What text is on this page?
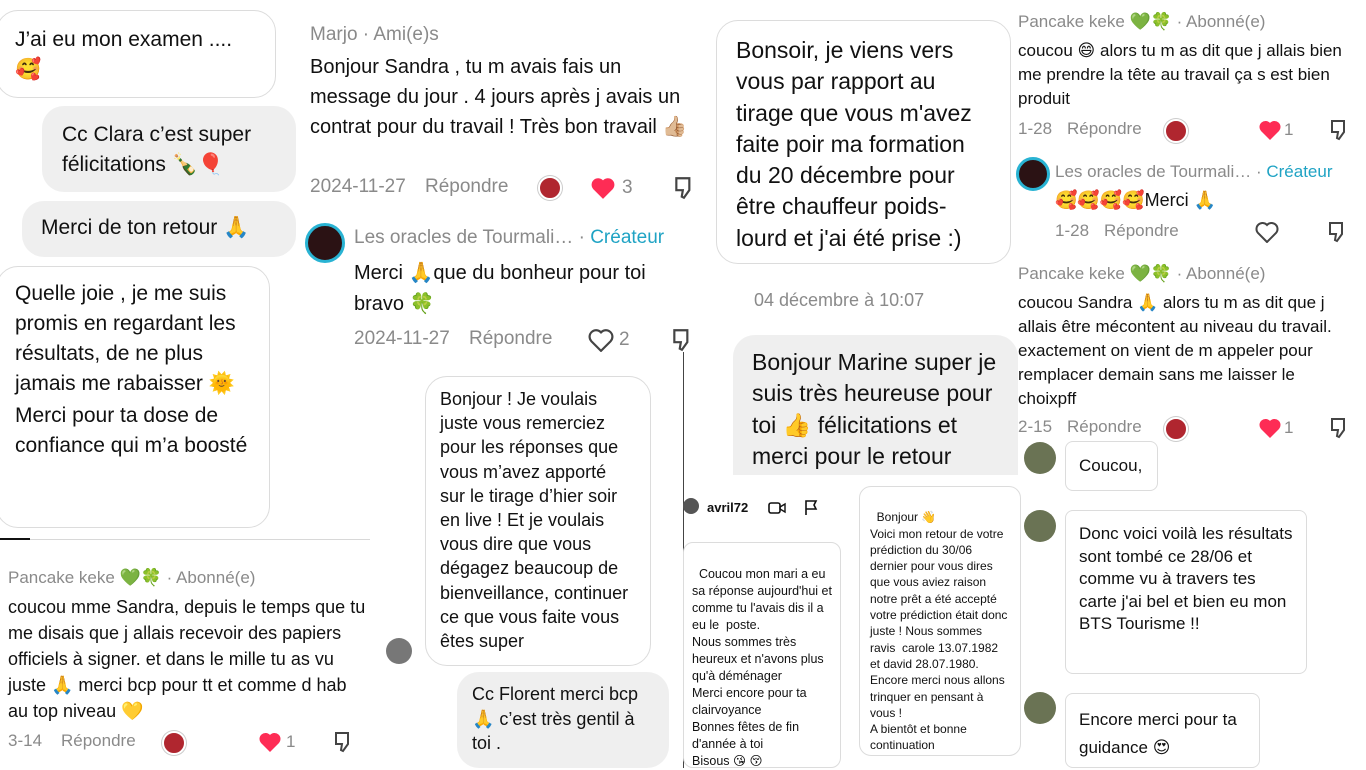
J’ai eu mon examen .... 🥰
Cc Clara c’est super félicitations 🍾🎈
Merci de ton retour 🙏
Quelle joie , je me suis promis en regardant les résultats, de ne plus jamais me rabaisser 🌞
Merci pour ta dose de confiance qui m’a boosté
Pancake keke 💚🍀 · Abonné(e)
coucou mme Sandra, depuis le temps que tu me disais que j allais recevoir des papiers officiels à signer. et dans le mille tu as vu juste 🙏 merci bcp pour tt et comme d hab au top niveau 💛
3-14 Répondre	1
Marjo · Ami(e)s
Bonjour Sandra , tu m avais fais un message du jour . 4 jours après j avais un contrat pour du travail ! Très bon travail 👍🏼
2024-11-27 Répondre	3
Les oracles de Tourmali… · Créateur
Merci 🙏que du bonheur pour toi bravo 🍀
2024-11-27 Répondre	2
Bonjour ! Je voulais juste vous remerciez pour les réponses que vous m’avez apporté sur le tirage d’hier soir en live ! Et je voulais vous dire que vous dégagez beaucoup de bienveillance, continuer ce que vous faite vous êtes super
Cc Florent merci bcp 🙏 c’est très gentil à toi .
Bonsoir, je viens vers vous par rapport au tirage que vous m'avez faite poir ma formation du 20 décembre pour être chauffeur poids-lourd et j'ai été prise :)
04 décembre à 10:07
Bonjour Marine super je suis très heureuse pour toi 👍 félicitations et merci pour le retour
avril72

Coucou mon mari a eu sa réponse aujourd'hui et comme tu l'avais dis il a eu le  poste.
Nous sommes très heureux et n'avons plus qu'à déménager
Merci encore pour ta clairvoyance
Bonnes fêtes de fin d'année à toi
Bisous 😘 😚

Bonjour 👋
Voici mon retour de votre prédiction du 30/06 dernier pour vous dires que vous aviez raison notre prêt a été accepté votre prédiction était donc juste ! Nous sommes ravis  carole 13.07.1982 et david 28.07.1980.
Encore merci nous allons trinquer en pensant à vous !
A bientôt et bonne continuation

Pancake keke 💚🍀 · Abonné(e)
coucou 😄 alors tu m as dit que j allais bien me prendre la tête au travail ça s est bien produit
1-28 Répondre	1
Les oracles de Tourmali… · Créateur
🥰🥰🥰🥰Merci 🙏
1-28 Répondre
Pancake keke 💚🍀 · Abonné(e)
coucou Sandra 🙏 alors tu m as dit que j allais être mécontent au niveau du travail. exactement on vient de m appeler pour remplacer demain sans me laisser le choixpff
2-15 Répondre	1
Coucou,
Donc voici voilà les résultats sont tombé ce 28/06 et comme vu à travers tes carte j'ai bel et bien eu mon BTS Tourisme !!
Encore merci pour ta guidance 😍
